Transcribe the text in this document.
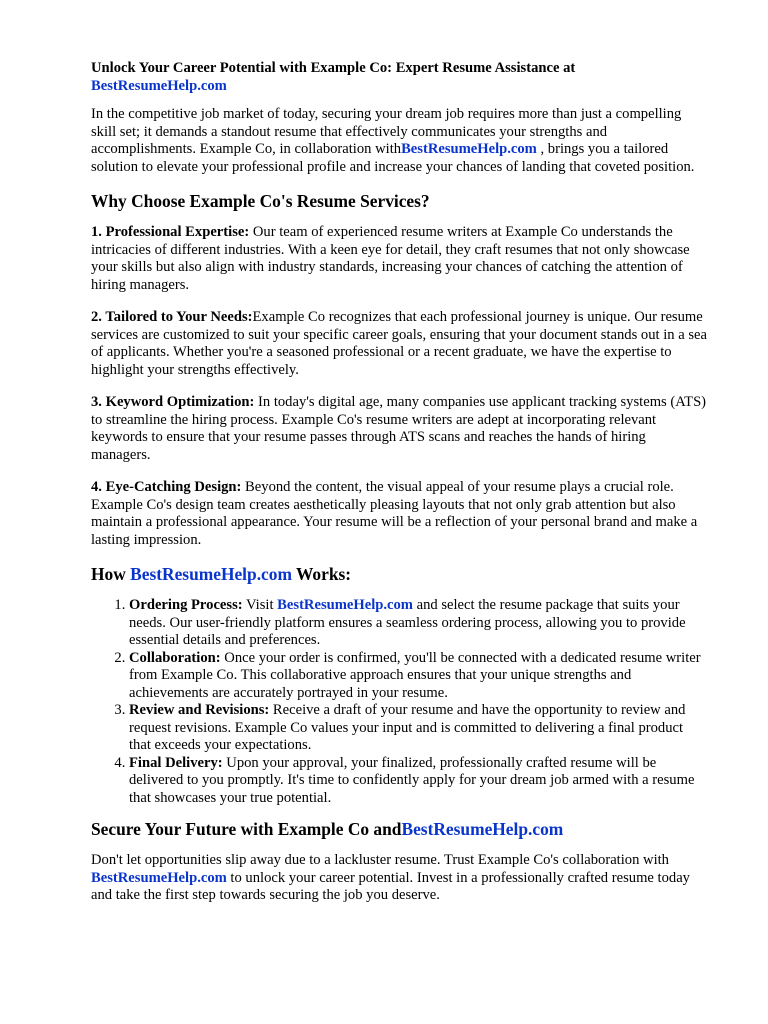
Unlock Your Career Potential with Example Co: Expert Resume Assistance at
BestResumeHelp.com

In the competitive job market of today, securing your dream job requires more than just a compelling skill set; it demands a standout resume that effectively communicates your strengths and accomplishments. Example Co, in collaboration withBestResumeHelp.com , brings you a tailored solution to elevate your professional profile and increase your chances of landing that coveted position.

Why Choose Example Co's Resume Services?

1. Professional Expertise: Our team of experienced resume writers at Example Co understands the intricacies of different industries. With a keen eye for detail, they craft resumes that not only showcase your skills but also align with industry standards, increasing your chances of catching the attention of hiring managers.

2. Tailored to Your Needs:Example Co recognizes that each professional journey is unique. Our resume services are customized to suit your specific career goals, ensuring that your document stands out in a sea of applicants. Whether you're a seasoned professional or a recent graduate, we have the expertise to highlight your strengths effectively.

3. Keyword Optimization: In today's digital age, many companies use applicant tracking systems (ATS) to streamline the hiring process. Example Co's resume writers are adept at incorporating relevant keywords to ensure that your resume passes through ATS scans and reaches the hands of hiring managers.

4. Eye-Catching Design: Beyond the content, the visual appeal of your resume plays a crucial role. Example Co's design team creates aesthetically pleasing layouts that not only grab attention but also maintain a professional appearance. Your resume will be a reflection of your personal brand and make a lasting impression.

How BestResumeHelp.com Works:
1. Ordering Process: Visit BestResumeHelp.com and select the resume package that suits your needs. Our user-friendly platform ensures a seamless ordering process, allowing you to provide essential details and preferences.
2. Collaboration: Once your order is confirmed, you'll be connected with a dedicated resume writer from Example Co. This collaborative approach ensures that your unique strengths and achievements are accurately portrayed in your resume.
3. Review and Revisions: Receive a draft of your resume and have the opportunity to review and request revisions. Example Co values your input and is committed to delivering a final product that exceeds your expectations.
4. Final Delivery: Upon your approval, your finalized, professionally crafted resume will be delivered to you promptly. It's time to confidently apply for your dream job armed with a resume that showcases your true potential.
Secure Your Future with Example Co andBestResumeHelp.com

Don't let opportunities slip away due to a lackluster resume. Trust Example Co's collaboration with BestResumeHelp.com to unlock your career potential. Invest in a professionally crafted resume today and take the first step towards securing the job you deserve.
